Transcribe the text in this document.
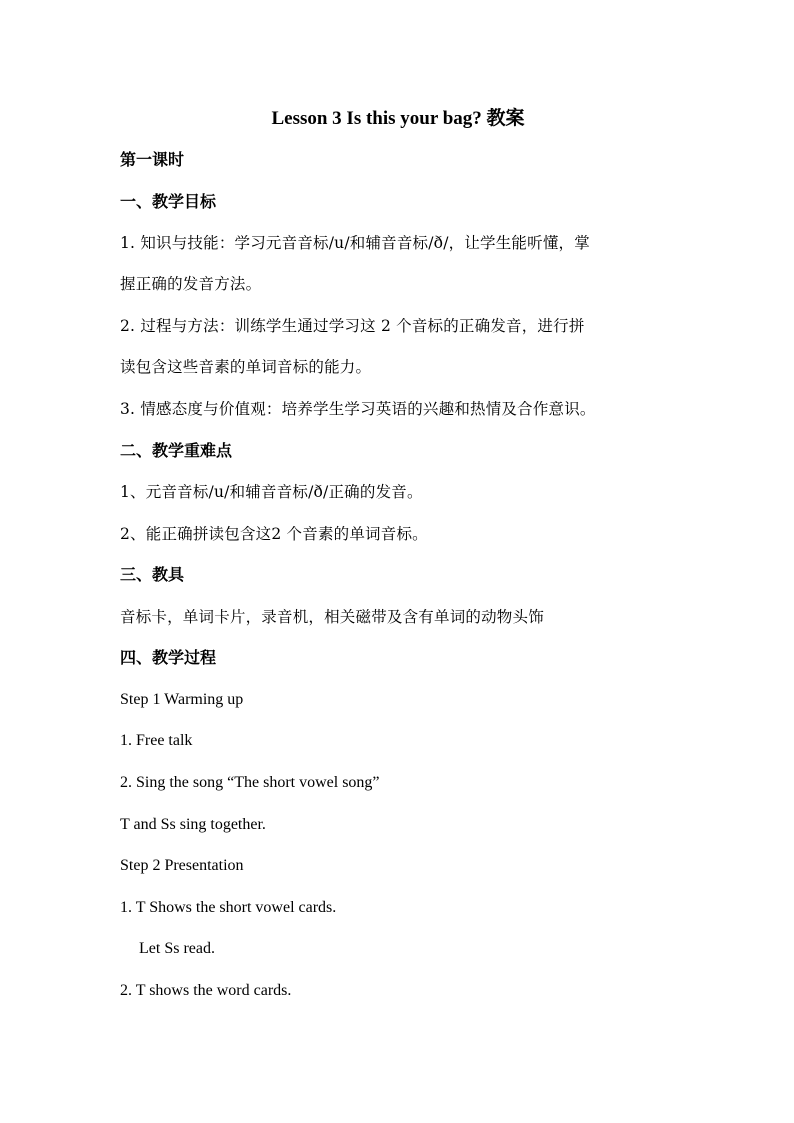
Lesson 3 Is this your bag? 教案
第一课时
一、教学目标
1. 知识与技能：学习元音音标/u/和辅音音标/ð/，让学生能听懂，掌
握正确的发音方法。
2. 过程与方法：训练学生通过学习这 2 个音标的正确发音，进行拼
读包含这些音素的单词音标的能力。
3. 情感态度与价值观：培养学生学习英语的兴趣和热情及合作意识。
二、教学重难点
1、元音音标/u/和辅音音标/ð/正确的发音。
2、能正确拼读包含这2 个音素的单词音标。
三、教具
音标卡，单词卡片，录音机，相关磁带及含有单词的动物头饰
四、教学过程
Step 1 Warming up
1. Free talk
2. Sing the song “The short vowel song”
T and Ss sing together.
Step 2 Presentation
1. T Shows the short vowel cards.
Let Ss read.
2. T shows the word cards.
